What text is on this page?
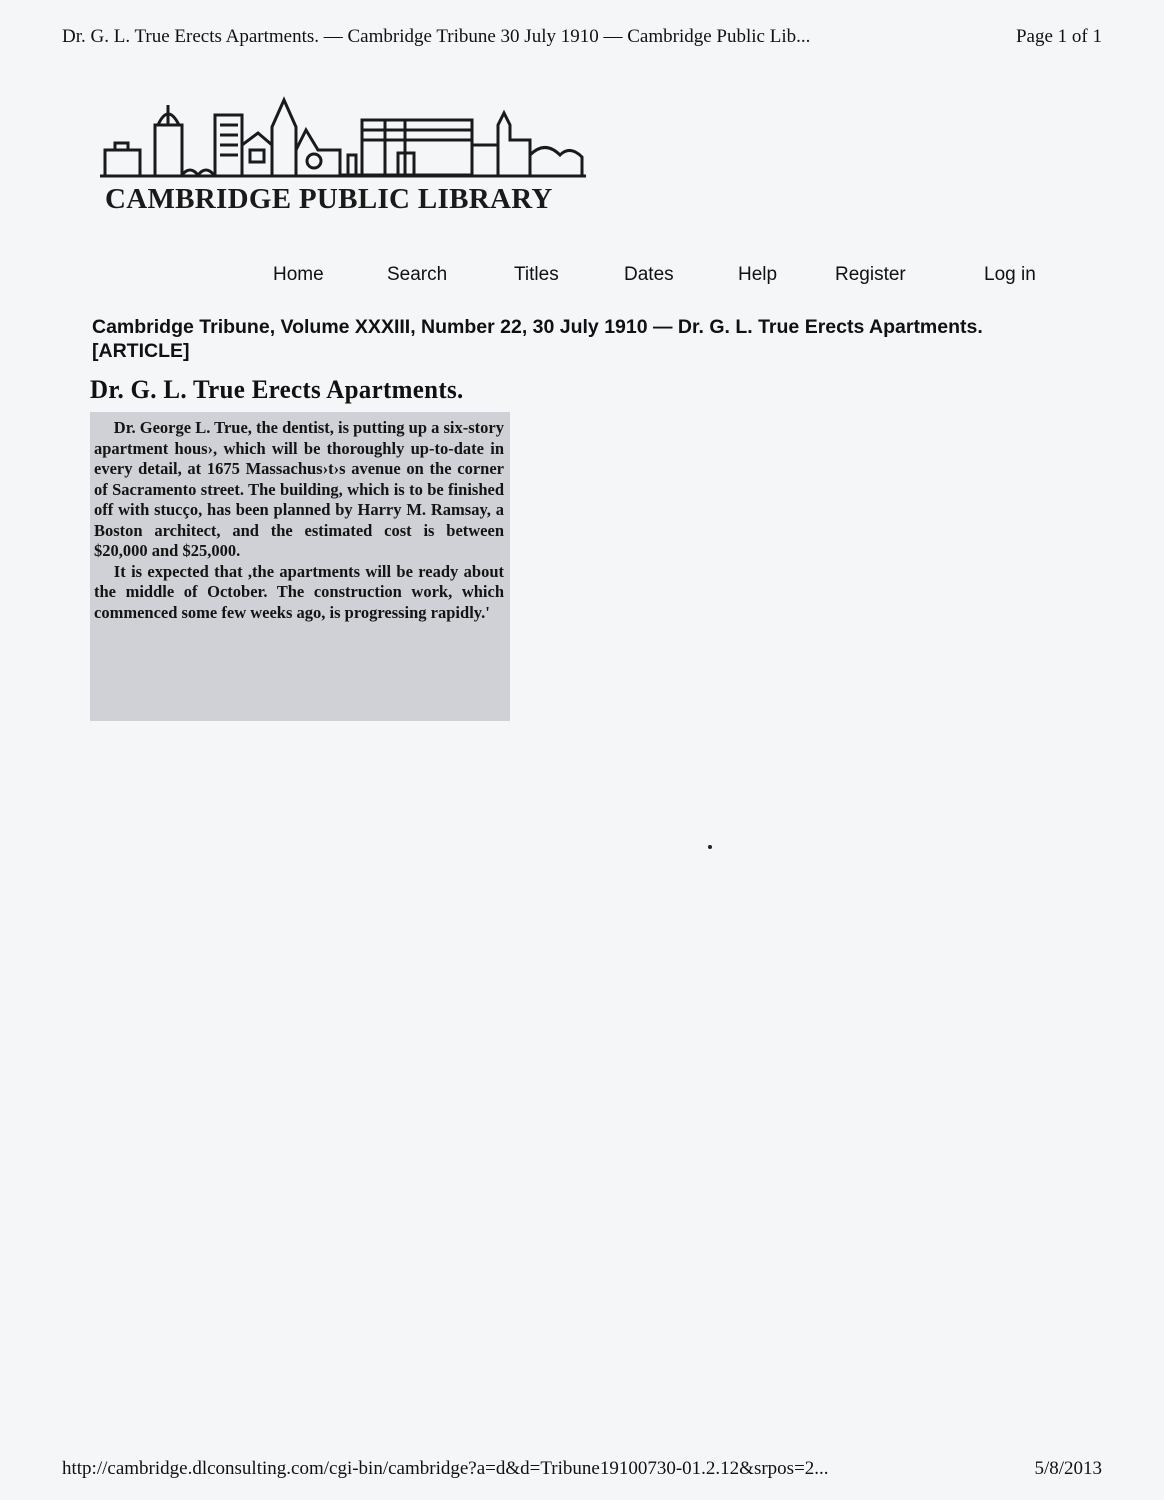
Dr. G. L. True Erects Apartments. — Cambridge Tribune 30 July 1910 — Cambridge Public Lib...	Page 1 of 1
CAMBRIDGE PUBLIC LIBRARY
Home	Search	Titles	Dates	Help	Register	Log in
Cambridge Tribune, Volume XXXIII, Number 22, 30 July 1910 — Dr. G. L. True Erects Apartments. [ARTICLE]
Dr. G. L. True Erects Apartments.

Dr. George L. True, the dentist, is putting up a six-story apartment hous›, which will be thoroughly up-to-date in every detail, at 1675 Massachus›t›s avenue on the corner of Sacramento street. The building, which is to be finished off with stucço, has been planned by Harry M. Ramsay, a Boston architect, and the estimated cost is between $20,000 and $25,000.

It is expected that ,the apartments will be ready about the middle of October. The construction work, which commenced some few weeks ago, is progressing rapidly.'

http://cambridge.dlconsulting.com/cgi-bin/cambridge?a=d&d=Tribune19100730-01.2.12&srpos=2...	5/8/2013
